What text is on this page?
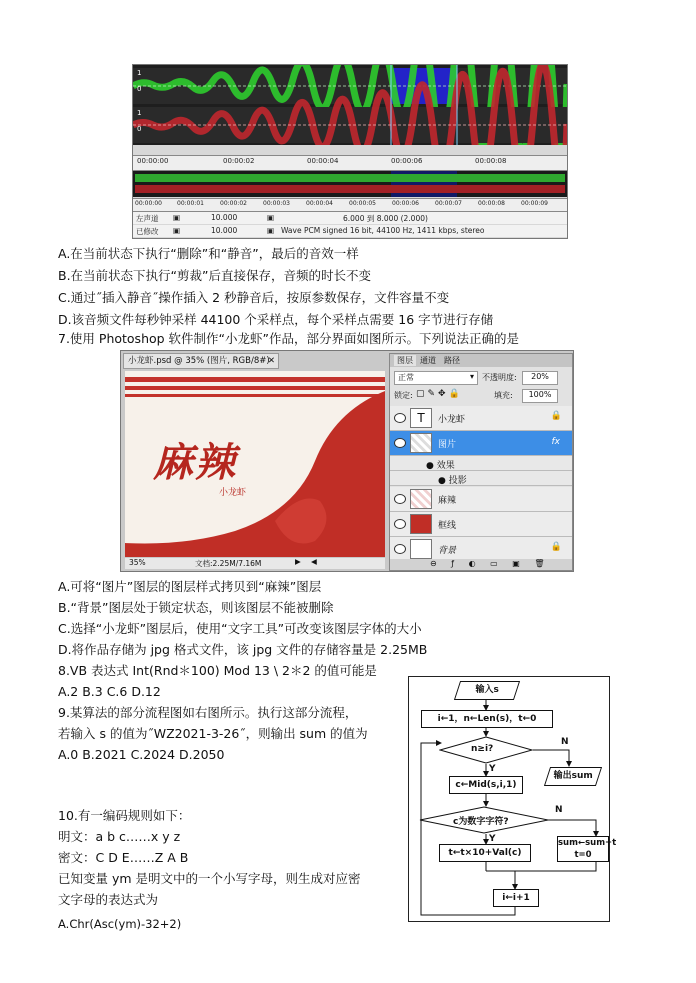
1
0
1
0
00:00:00	00:00:02	00:00:04	00:00:06	00:00:08
00:00:00	00:00:01	00:00:02	00:00:03	00:00:04	00:00:05	00:00:06	00:00:07	00:00:08	00:00:09
左声道 ▣	10.000	▣	6.000 到 8.000 (2.000)
已修改 ▣	10.000	▣ Wave PCM signed 16 bit, 44100 Hz, 1411 kbps, stereo
A.在当前状态下执行“删除”和“静音”，最后的音效一样
B.在当前状态下执行“剪裁”后直接保存，音频的时长不变
C.通过˝插入静音˝操作插入 2 秒静音后，按原参数保存，文件容量不变
D.该音频文件每秒钟采样 44100 个采样点，每个采样点需要 16 字节进行存储
7.使用 Photoshop 软件制作“小龙虾”作品，部分界面如图所示。下列说法正确的是
小龙虾.psd @ 35% (图片, RGB/8#)
✕
麻辣
小龙虾
35%	文档:2.25M/7.16M	▶ ◀
图层 通道 路径
正常	▾ 不透明度:	20%
锁定: ▢✎✥🔒	填充:	100%
T	小龙虾	🔒
图片	fx
● 效果
● 投影
麻辣
框线
背景	🔒
⊖ ƒ ◐ ▭ ▣ 🗑
A.可将“图片”图层的图层样式拷贝到“麻辣”图层
B.“背景”图层处于锁定状态，则该图层不能被删除
C.选择“小龙虾”图层后，使用“文字工具”可改变该图层字体的大小
D.将作品存储为 jpg 格式文件，该 jpg 文件的存储容量是 2.25MB
8.VB 表达式 Int(Rnd＊100) Mod 13 \ 2＊2 的值可能是
A.2 B.3 C.6 D.12
9.某算法的部分流程图如右图所示。执行这部分流程，
若输入 s 的值为˝WZ2021-3-26˝，则输出 sum 的值为
A.0 B.2021 C.2024 D.2050
10.有一编码规则如下：
明文：a b c……x y z
密文：C D E……Z A B
已知变量 ym 是明文中的一个小写字母，则生成对应密
文字母的表达式为
A.Chr(Asc(ym)-32+2)
输入s
i←1，n←Len(s)，t←0
n≥i?
Y
N
输出sum
c←Mid(s,i,1)
c为数字字符?
Y
N
t←t×10+Val(c)
sum←sum+t
t=0
i←i+1
